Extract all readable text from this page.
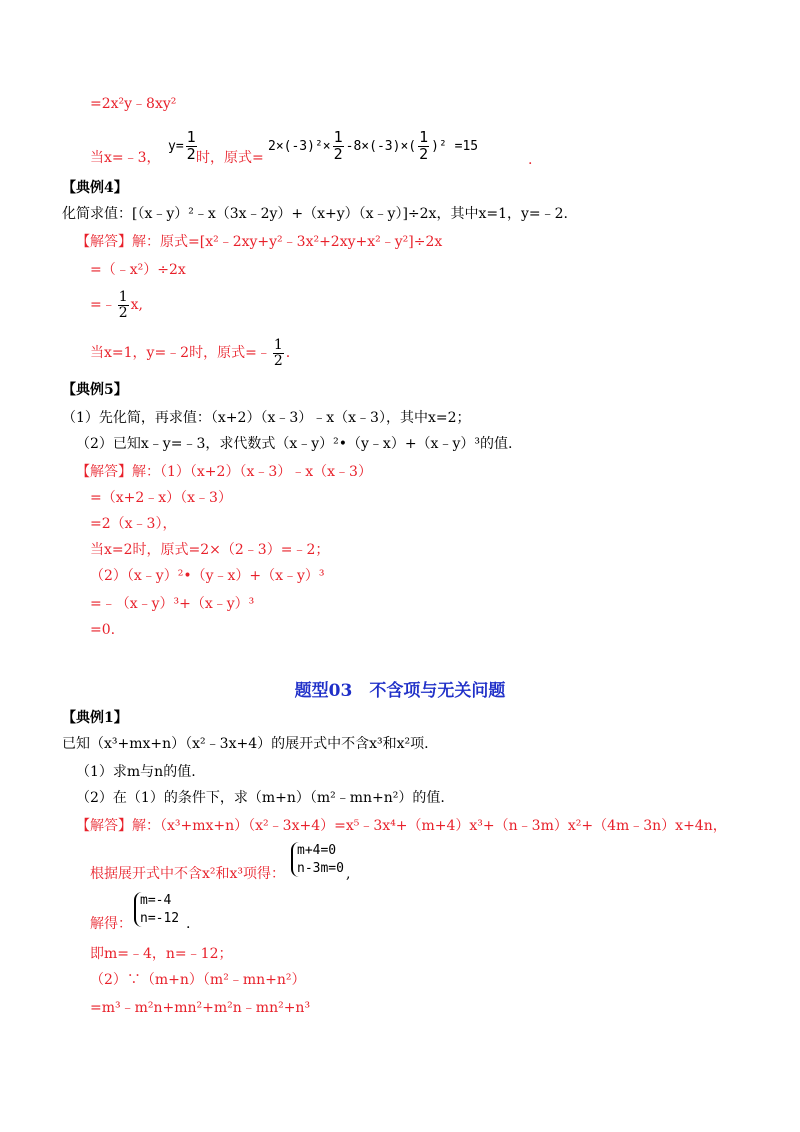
=2x²y﹣8xy²
当x=﹣3，
$y= \frac{1}{2}$ 时，原式=
$2\times(-3)^2\times \frac{1}{2} -8\times(-3)\times( \frac{1}{2} )^2 =15$
.
【典例4】
化简求值：[（x﹣y）²﹣x（3x﹣2y）+（x+y）（x﹣y）]÷2x，其中x=1，y=﹣2.
【解答】解：原式=[x²﹣2xy+y²﹣3x²+2xy+x²﹣y²]÷2x
=（﹣x²）÷2x
=﹣ $\frac{1}{2} x$,
当x=1，y=﹣2时，原式=﹣ $\frac{1}{2}$ .
【典例5】
（1）先化简，再求值：（x+2）（x﹣3）﹣x（x﹣3），其中x=2；
（2）已知x﹣y=﹣3，求代数式（x﹣y）²•（y﹣x）+（x﹣y）³的值.
【解答】解：（1）（x+2）（x﹣3）﹣x（x﹣3）
=（x+2﹣x）（x﹣3）
=2（x﹣3），
当x=2时，原式=2×（2﹣3）=﹣2；
（2）（x﹣y）²•（y﹣x）+（x﹣y）³
=﹣（x﹣y）³+（x﹣y）³
=0.
题型03　不含项与无关问题
【典例1】
已知（x³+mx+n）（x²﹣3x+4）的展开式中不含x³和x²项.
（1）求m与n的值.
（2）在（1）的条件下，求（m+n）（m²﹣mn+n²）的值.
【解答】解：（x³+mx+n）（x²﹣3x+4）=x⁵﹣3x⁴+（m+4）x³+（n﹣3m）x²+（4m﹣3n）x+4n，
根据展开式中不含x²和x³项得：
m+4=0
n-3m=0 ,
解得：
m=-4
n=-12 .
即m=﹣4，n=﹣12；
（2）∵（m+n）（m²﹣mn+n²）
=m³﹣m²n+mn²+m²n﹣mn²+n³
